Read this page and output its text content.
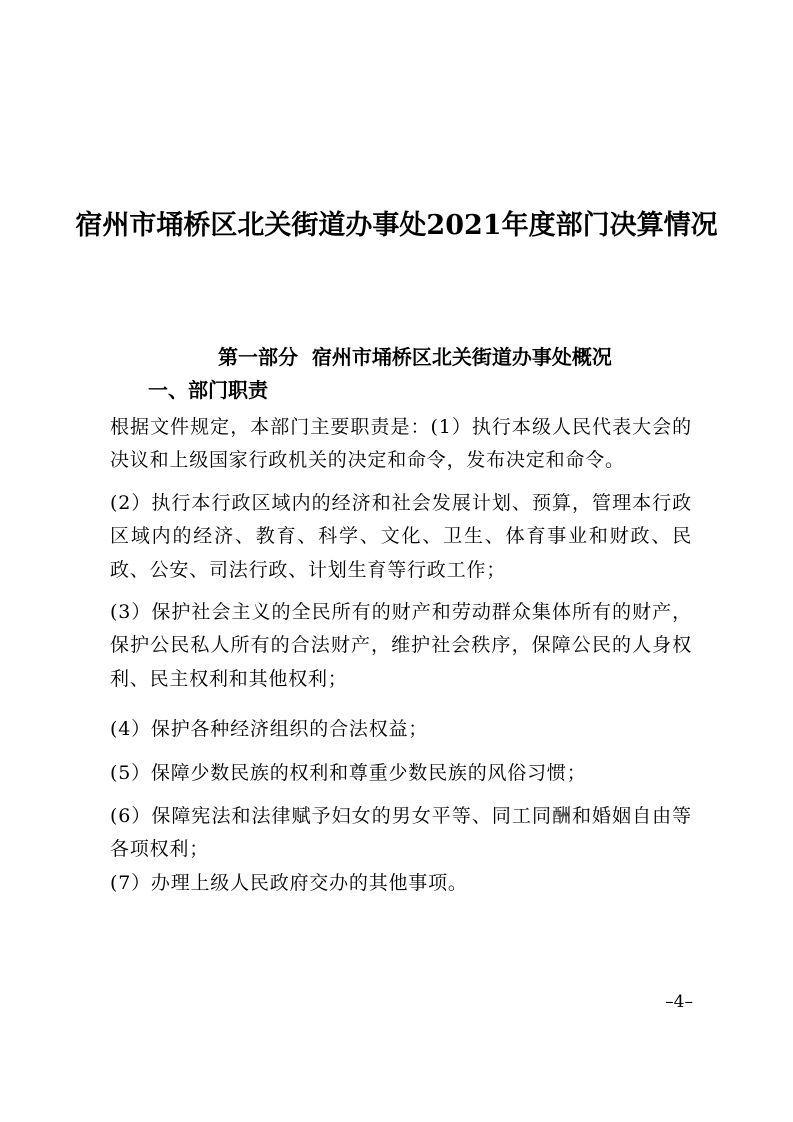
宿州市埇桥区北关街道办事处2021年度部门决算情况
第一部分  宿州市埇桥区北关街道办事处概况
一、部门职责

根据文件规定，本部门主要职责是：(1）执行本级人民代表大会的决议和上级国家行政机关的决定和命令，发布决定和命令。

(2）执行本行政区域内的经济和社会发展计划、预算，管理本行政区域内的经济、教育、科学、文化、卫生、体育事业和财政、民政、公安、司法行政、计划生育等行政工作；

(3）保护社会主义的全民所有的财产和劳动群众集体所有的财产，保护公民私人所有的合法财产，维护社会秩序，保障公民的人身权利、民主权利和其他权利；

(4）保护各种经济组织的合法权益；

(5）保障少数民族的权利和尊重少数民族的风俗习惯；

(6）保障宪法和法律赋予妇女的男女平等、同工同酬和婚姻自由等各项权利；

(7）办理上级人民政府交办的其他事项。

–4–
